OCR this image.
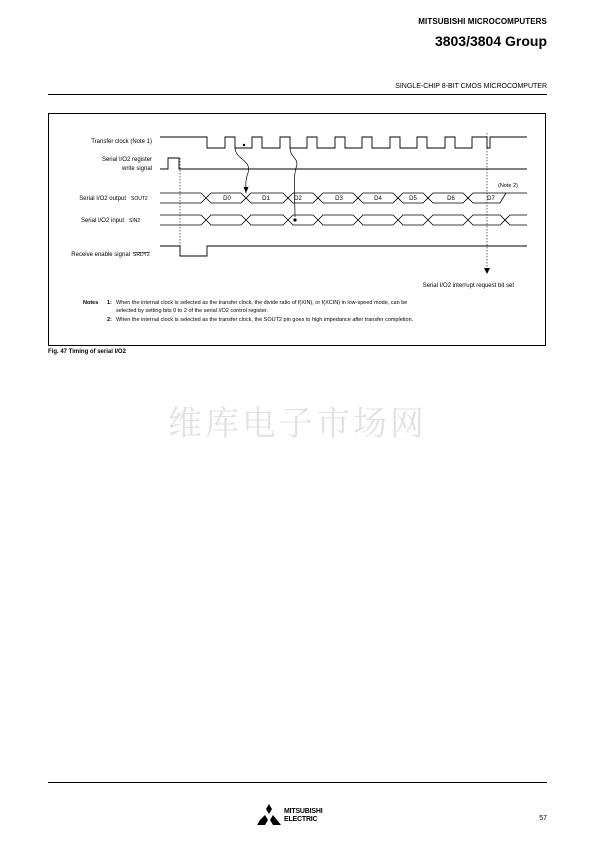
MITSUBISHI MICROCOMPUTERS
3803/3804 Group
SINGLE-CHIP 8-BIT CMOS MICROCOMPUTER
Transfer clock (Note 1)
Serial I/O2 register
write signal
Serial I/O2 output SOUT2
Serial I/O2 input SIN2
Receive enable signal SRDY2
D0	D1	D2	D3	D4	D5	D6	D7
(Note 2)
Serial I/O2 interrupt request bit set
Notes 1: When the internal clock is selected as the transfer clock, the divide ratio of f(XIN), or f(XCIN) in low-speed mode, can be
selected by setting bits 0 to 2 of the serial I/O2 control register.
2: When the internal clock is selected as the transfer clock, the SOUT2 pin goes to high impedance after transfer completion.
Fig. 47 Timing of serial I/O2
维库电子市场网
MITSUBISHI
ELECTRIC	57
